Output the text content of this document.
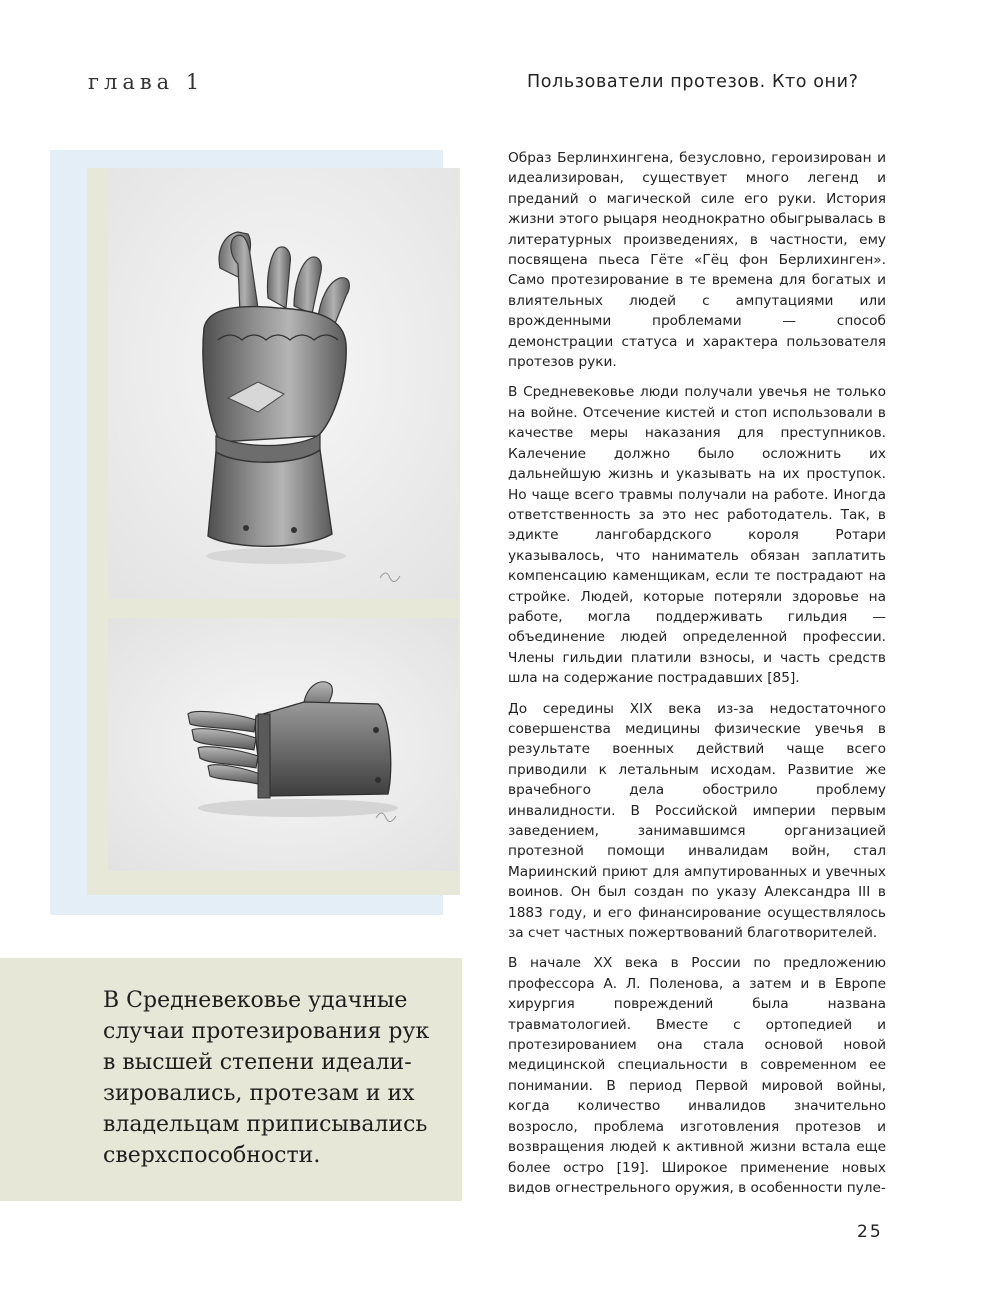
глава 1	Пользователи протезов. Кто они?

В Средневековье удачные случаи протезирования рук в высшей степени идеализировались, протезам и их владельцам приписывались сверхспособности.

Образ Берлинхингена, безусловно, героизирован и идеализирован, существует много легенд и преданий о магической силе его руки. История жизни этого рыцаря неоднократно обыгрывалась в литературных произведениях, в частности, ему посвящена пьеса Гёте «Гёц фон Берлихинген». Само протезирование в те времена для богатых и влиятельных людей с ампутациями или врожденными проблемами — способ демонстрации статуса и характера пользователя протезов руки.

В Средневековье люди получали увечья не только на войне. Отсечение кистей и стоп использовали в качестве меры наказания для преступников. Калечение должно было осложнить их дальнейшую жизнь и указывать на их проступок. Но чаще всего травмы получали на работе. Иногда ответственность за это нес работодатель. Так, в эдикте лангобардского короля Ротари указывалось, что наниматель обязан заплатить компенсацию каменщикам, если те пострадают на стройке. Людей, которые потеряли здоровье на работе, могла поддерживать гильдия — объединение людей определенной профессии. Члены гильдии платили взносы, и часть средств шла на содержание пострадавших [85].

До середины XIX века из-за недостаточного совершенства медицины физические увечья в результате военных действий чаще всего приводили к летальным исходам. Развитие же врачебного дела обострило проблему инвалидности. В Российской империи первым заведением, занимавшимся организацией протезной помощи инвалидам войн, стал Мариинский приют для ампутированных и увечных воинов. Он был создан по указу Александра III в 1883 году, и его финансирование осуществлялось за счет частных пожертвований благотворителей.

В начале XX века в России по предложению профессора А. Л. Поленова, а затем и в Европе хирургия повреждений была названа травматологией. Вместе с ортопедией и протезированием она стала основой новой медицинской специальности в современном ее понимании. В период Первой мировой войны, когда количество инвалидов значительно возросло, проблема изготовления протезов и возвращения людей к активной жизни встала еще более остро [19]. Широкое применение новых видов огнестрельного оружия, в особенности пуле-

25
